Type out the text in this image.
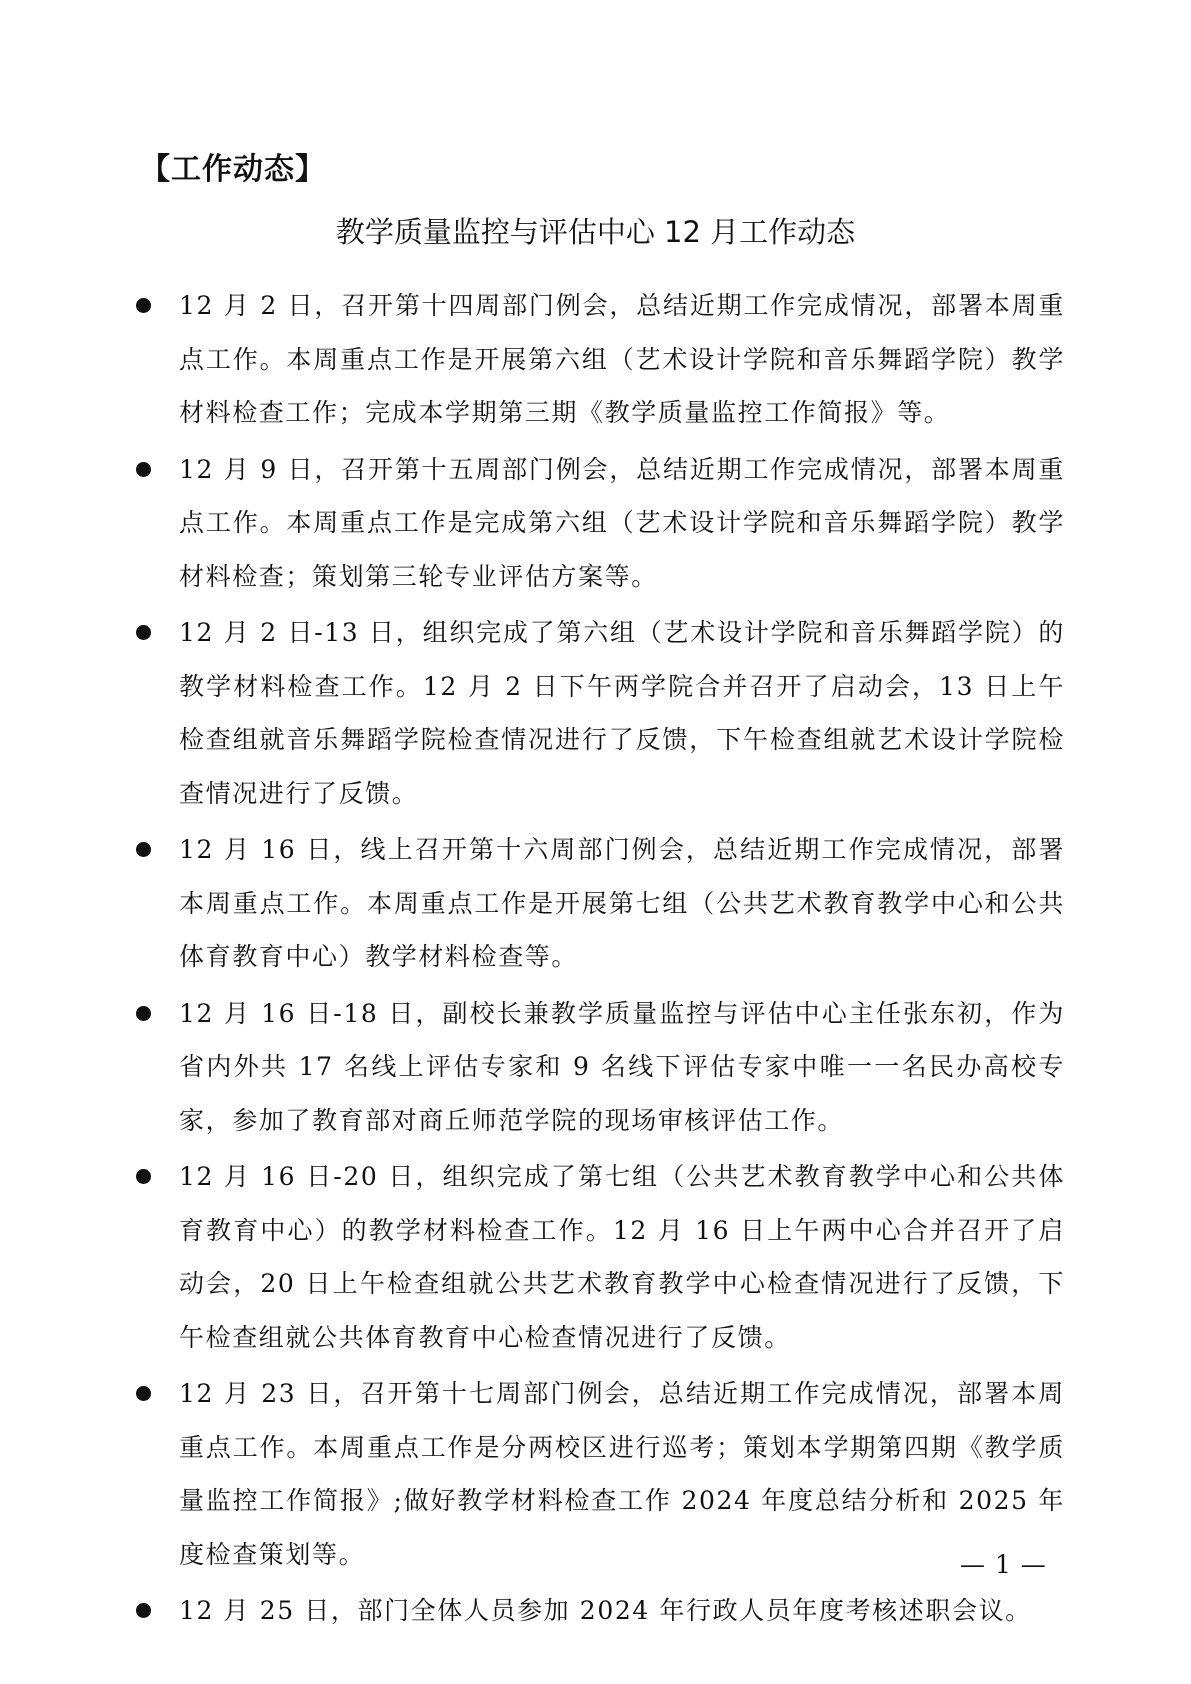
【工作动态】
教学质量监控与评估中心 12 月工作动态
12 月 2 日，召开第十四周部门例会，总结近期工作完成情况，部署本周重点工作。本周重点工作是开展第六组（艺术设计学院和音乐舞蹈学院）教学材料检查工作；完成本学期第三期《教学质量监控工作简报》等。
12 月 9 日，召开第十五周部门例会，总结近期工作完成情况，部署本周重点工作。本周重点工作是完成第六组（艺术设计学院和音乐舞蹈学院）教学材料检查；策划第三轮专业评估方案等。
12 月 2 日-13 日，组织完成了第六组（艺术设计学院和音乐舞蹈学院）的教学材料检查工作。12 月 2 日下午两学院合并召开了启动会，13 日上午检查组就音乐舞蹈学院检查情况进行了反馈，下午检查组就艺术设计学院检查情况进行了反馈。
12 月 16 日，线上召开第十六周部门例会，总结近期工作完成情况，部署本周重点工作。本周重点工作是开展第七组（公共艺术教育教学中心和公共体育教育中心）教学材料检查等。
12 月 16 日-18 日，副校长兼教学质量监控与评估中心主任张东初，作为省内外共 17 名线上评估专家和 9 名线下评估专家中唯一一名民办高校专家，参加了教育部对商丘师范学院的现场审核评估工作。
12 月 16 日-20 日，组织完成了第七组（公共艺术教育教学中心和公共体育教育中心）的教学材料检查工作。12 月 16 日上午两中心合并召开了启动会，20 日上午检查组就公共艺术教育教学中心检查情况进行了反馈，下午检查组就公共体育教育中心检查情况进行了反馈。
12 月 23 日，召开第十七周部门例会，总结近期工作完成情况，部署本周重点工作。本周重点工作是分两校区进行巡考；策划本学期第四期《教学质量监控工作简报》;做好教学材料检查工作 2024 年度总结分析和 2025 年度检查策划等。
12 月 25 日，部门全体人员参加 2024 年行政人员年度考核述职会议。
— 1 —
